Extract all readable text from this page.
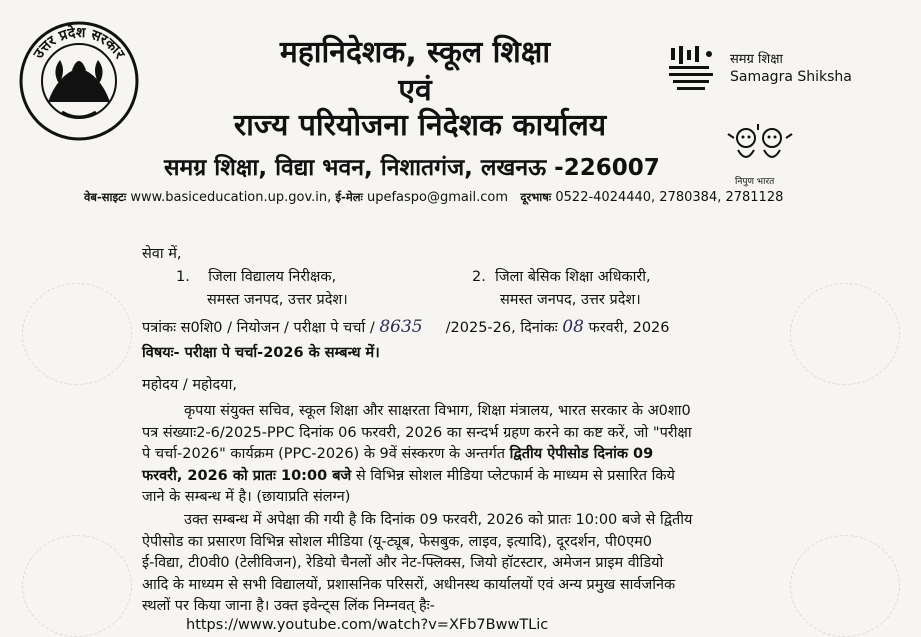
उत्तर प्रदेश सरकार	महानिदेशक, स्कूल शिक्षा
एवं
राज्य परियोजना निदेशक कार्यालय
समग्र शिक्षा, विद्या भवन, निशातगंज, लखनऊ -226007
वेब-साइटः www.basiceducation.up.gov.in, ई-मेलः upefaspo@gmail.com दूरभाषः 0522-4024440, 2780384, 2781128
समग्र शिक्षा
Samagra Shiksha
निपुण भारत
सेवा में,
1. जिला विद्यालय निरीक्षक,
समस्त जनपद, उत्तर प्रदेश।
2. जिला बेसिक शिक्षा अधिकारी,
समस्त जनपद, उत्तर प्रदेश।
पत्रांकः स0शि0 / नियोजन / परीक्षा पे चर्चा / 8635 /2025-26, दिनांकः 08 फरवरी, 2026
विषयः- परीक्षा पे चर्चा-2026 के सम्बन्ध में।
महोदय / महोदया,
कृपया संयुक्त सचिव, स्कूल शिक्षा और साक्षरता विभाग, शिक्षा मंत्रालय, भारत सरकार के अ0शा0
पत्र संख्याः2-6/2025-PPC दिनांक 06 फरवरी, 2026 का सन्दर्भ ग्रहण करने का कष्ट करें, जो "परीक्षा
पे चर्चा-2026" कार्यक्रम (PPC-2026) के 9वें संस्करण के अन्तर्गत द्वितीय ऐपीसोड दिनांक 09
फरवरी, 2026 को प्रातः 10:00 बजे से विभिन्न सोशल मीडिया प्लेटफार्म के माध्यम से प्रसारित किये
जाने के सम्बन्ध में है। (छायाप्रति संलग्न)
उक्त सम्बन्ध में अपेक्षा की गयी है कि दिनांक 09 फरवरी, 2026 को प्रातः 10:00 बजे से द्वितीय
ऐपीसोड का प्रसारण विभिन्न सोशल मीडिया (यू-ट्यूब, फेसबुक, लाइव, इत्यादि), दूरदर्शन, पी0एम0
ई-विद्या, टी0वी0 (टेलीविजन), रेडियो चैनलों और नेट-फ्लिक्स, जियो हॉटस्टार, अमेजन प्राइम वीडियो
आदि के माध्यम से सभी विद्यालयों, प्रशासनिक परिसरों, अधीनस्थ कार्यालयों एवं अन्य प्रमुख सार्वजनिक
स्थलों पर किया जाना है। उक्त इवेन्ट्स लिंक निम्नवत् हैः-
https://www.youtube.com/watch?v=XFb7BwwTLic
